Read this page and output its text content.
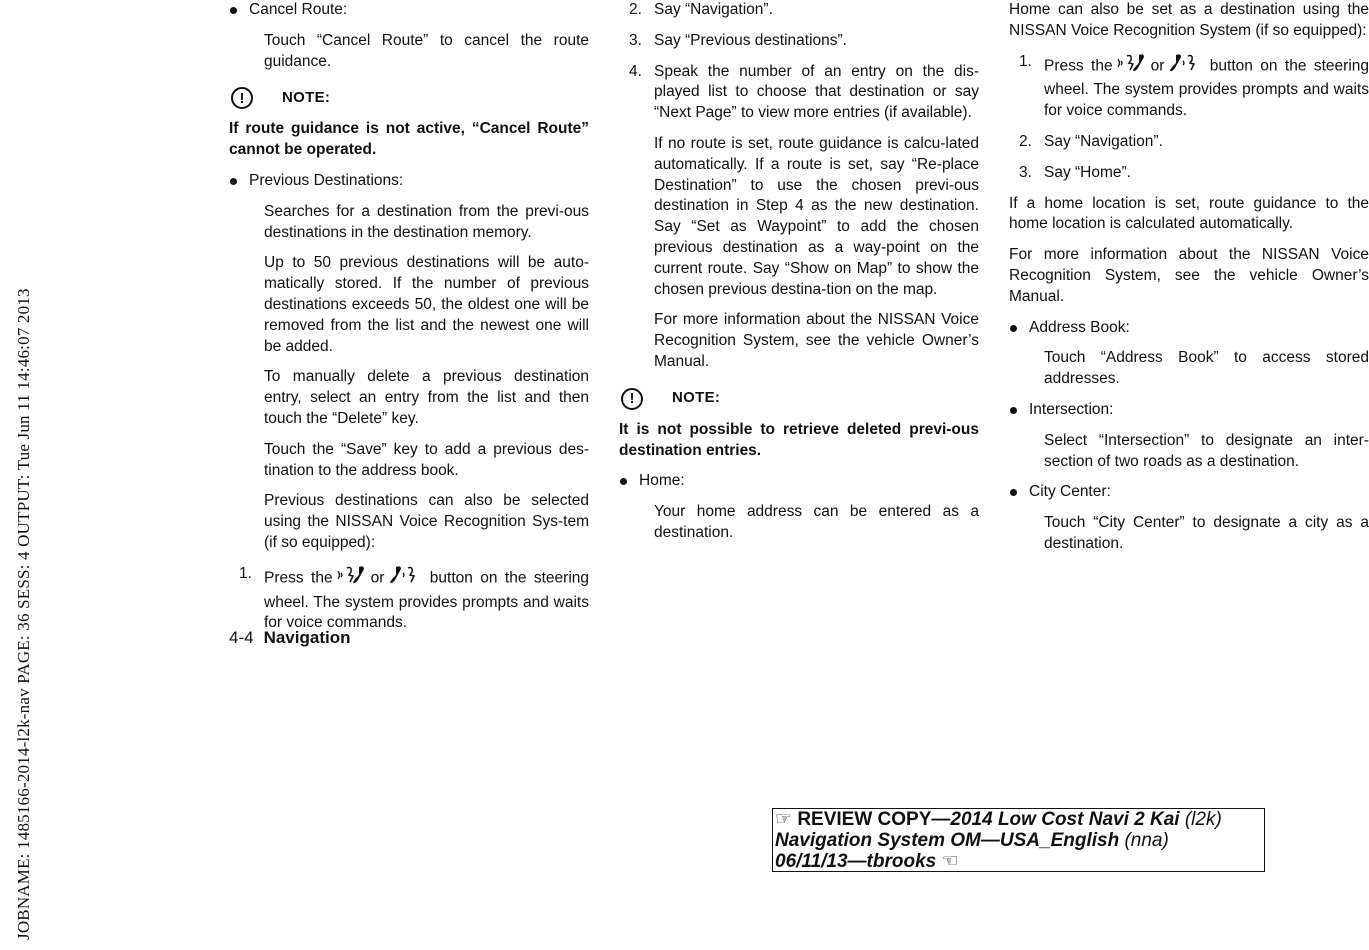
JOBNAME: 1485166-2014-l2k-nav PAGE: 36 SESS: 4 OUTPUT: Tue Jun 11 14:46:07 2013
Cancel Route:
Touch “Cancel Route” to cancel the route guidance.
!	NOTE:
If route guidance is not active, “Cancel Route” cannot be operated.
Previous Destinations:
Searches for a destination from the previ-ous destinations in the destination memory.
Up to 50 previous destinations will be auto-matically stored. If the number of previous destinations exceeds 50, the oldest one will be removed from the list and the newest one will be added.
To manually delete a previous destination entry, select an entry from the list and then touch the “Delete” key.
Touch the “Save” key to add a previous des-tination to the address book.
Previous destinations can also be selected using the NISSAN Voice Recognition Sys-tem (if so equipped):
1. Press the or	button on the steering wheel. The system provides prompts and waits for voice commands.
2. Say “Navigation”.
3. Say “Previous destinations”.
4. Speak the number of an entry on the dis-played list to choose that destination or say “Next Page” to view more entries (if available).
If no route is set, route guidance is calcu-lated automatically. If a route is set, say “Re-place Destination” to use the chosen previ-ous destination in Step 4 as the new destination. Say “Set as Waypoint” to add the chosen previous destination as a way-point on the current route. Say “Show on Map” to show the chosen previous destina-tion on the map.
For more information about the NISSAN Voice Recognition System, see the vehicle Owner’s Manual.
!	NOTE:
It is not possible to retrieve deleted previ-ous destination entries.
Home:
Your home address can be entered as a destination.
Home can also be set as a destination using the NISSAN Voice Recognition System (if so equipped):
1. Press the or	button on the steering wheel. The system provides prompts and waits for voice commands.
2. Say “Navigation”.
3. Say “Home”.
If a home location is set, route guidance to the home location is calculated automatically.
For more information about the NISSAN Voice Recognition System, see the vehicle Owner’s Manual.
Address Book:
Touch “Address Book” to access stored addresses.
Intersection:
Select “Intersection” to designate an inter-section of two roads as a destination.
City Center:
Touch “City Center” to designate a city as a destination.
4-4 Navigation
☞ REVIEW COPY—2014 Low Cost Navi 2 Kai (l2k)
Navigation System OM—USA_English (nna)
06/11/13—tbrooks ☜
